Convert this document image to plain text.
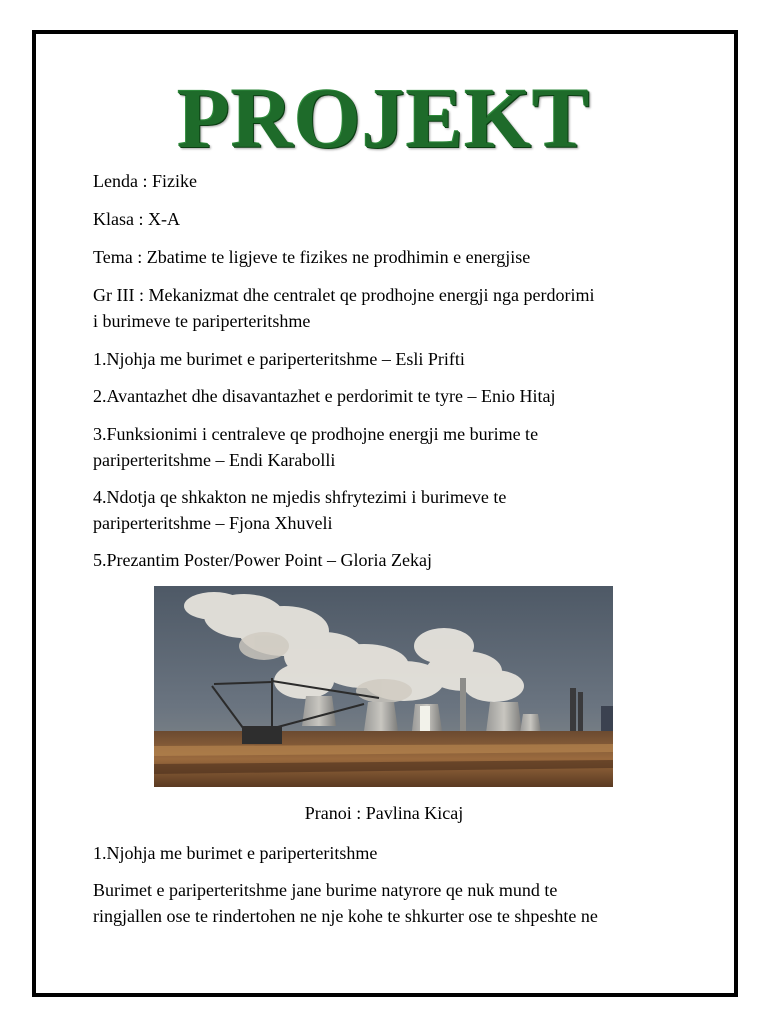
PROJEKT
Lenda : Fizike
Klasa : X-A
Tema : Zbatime te ligjeve te fizikes ne prodhimin e energjise
Gr III : Mekanizmat dhe centralet qe prodhojne energji nga perdorimi
i burimeve te pariperteritshme
1.Njohja me burimet e pariperteritshme – Esli Prifti
2.Avantazhet dhe disavantazhet e perdorimit te tyre – Enio Hitaj
3.Funksionimi i centraleve qe prodhojne energji me burime te
pariperteritshme – Endi Karabolli
4.Ndotja qe shkakton ne mjedis shfrytezimi i burimeve te
pariperteritshme – Fjona Xhuveli
5.Prezantim Poster/Power Point – Gloria Zekaj
Pranoi : Pavlina Kicaj
1.Njohja me burimet e pariperteritshme
Burimet e pariperteritshme jane burime natyrore qe nuk mund te
ringjallen ose te rindertohen ne nje kohe te shkurter ose te shpeshte ne
